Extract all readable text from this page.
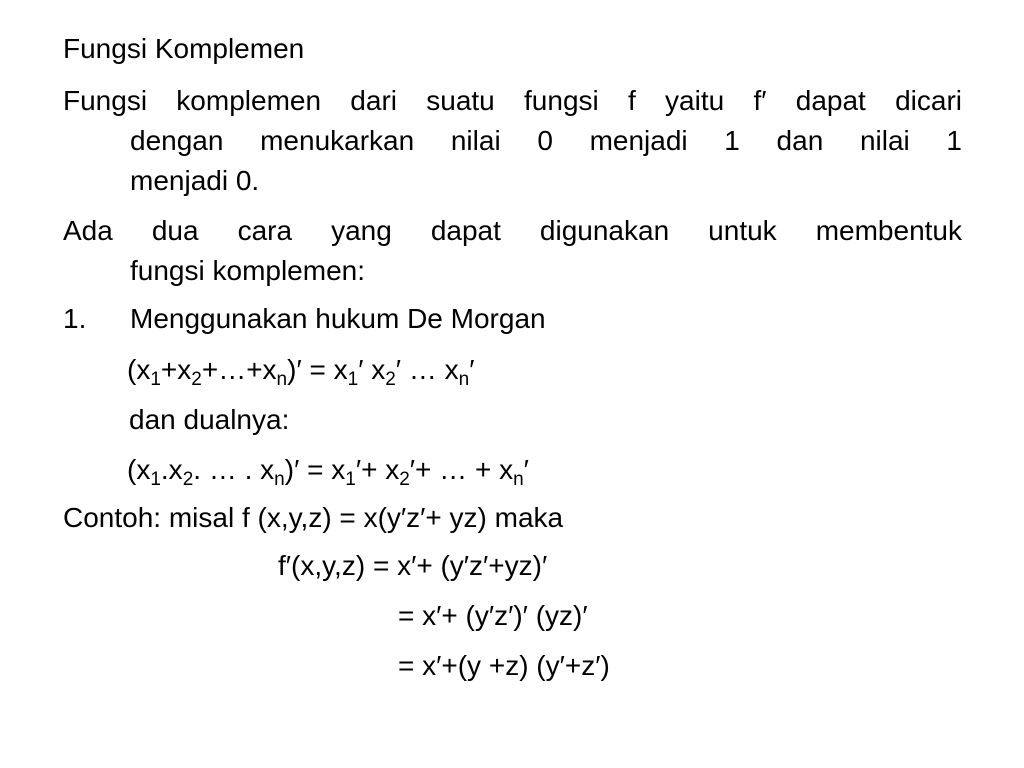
Fungsi Komplemen
Fungsi komplemen dari suatu fungsi f yaitu f′ dapat dicari
dengan menukarkan nilai 0 menjadi 1 dan nilai 1
menjadi 0.
Ada dua cara yang dapat digunakan untuk membentuk
fungsi komplemen:
1. Menggunakan hukum De Morgan
$(x_1+x_2+\dots+x_n)' = x_1'$ $x_2'$ … $x_n'$
dan dualnya:
($x_1.x_2$. … . $x_n)' = x_1'+ x_2'+$ … + $x_n'$
Contoh: misal f (x,y,z) = x(y′z′+ yz) maka
f′(x,y,z) = x′+ (y′z′+yz)′
= x′+ (y′z′)′ (yz)′
= x′+(y +z) (y′+z′)
